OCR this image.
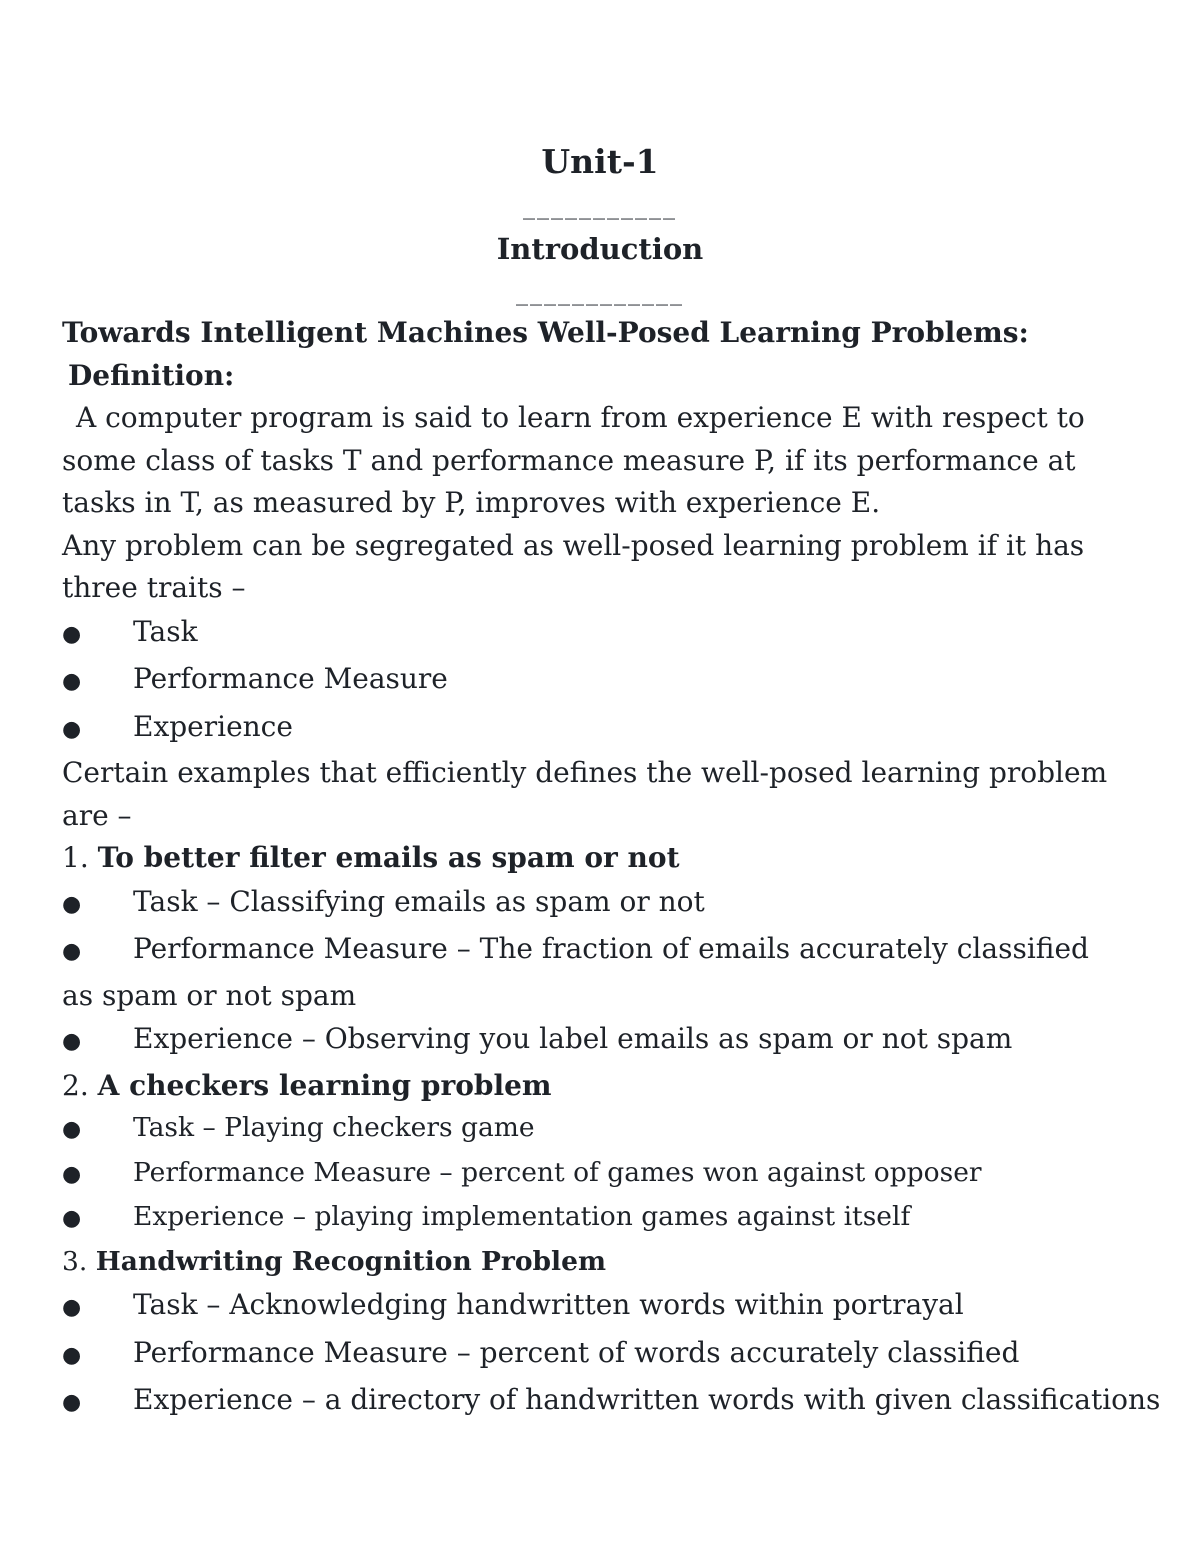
Unit-1
___________
Introduction
____________
Towards Intelligent Machines Well-Posed Learning Problems:
Definition:
A computer program is said to learn from experience E with respect to
some class of tasks T and performance measure P, if its performance at
tasks in T, as measured by P, improves with experience E.
Any problem can be segregated as well-posed learning problem if it has
three traits –
●	Task
●	Performance Measure
●	Experience
Certain examples that efficiently defines the well-posed learning problem
are –
1. To better filter emails as spam or not
●	Task – Classifying emails as spam or not
●	Performance Measure – The fraction of emails accurately classified
as spam or not spam
●	Experience – Observing you label emails as spam or not spam
2. A checkers learning problem
●	Task – Playing checkers game
●	Performance Measure – percent of games won against opposer
●	Experience – playing implementation games against itself
3. Handwriting Recognition Problem
●	Task – Acknowledging handwritten words within portrayal
●	Performance Measure – percent of words accurately classified
●	Experience – a directory of handwritten words with given classifications
